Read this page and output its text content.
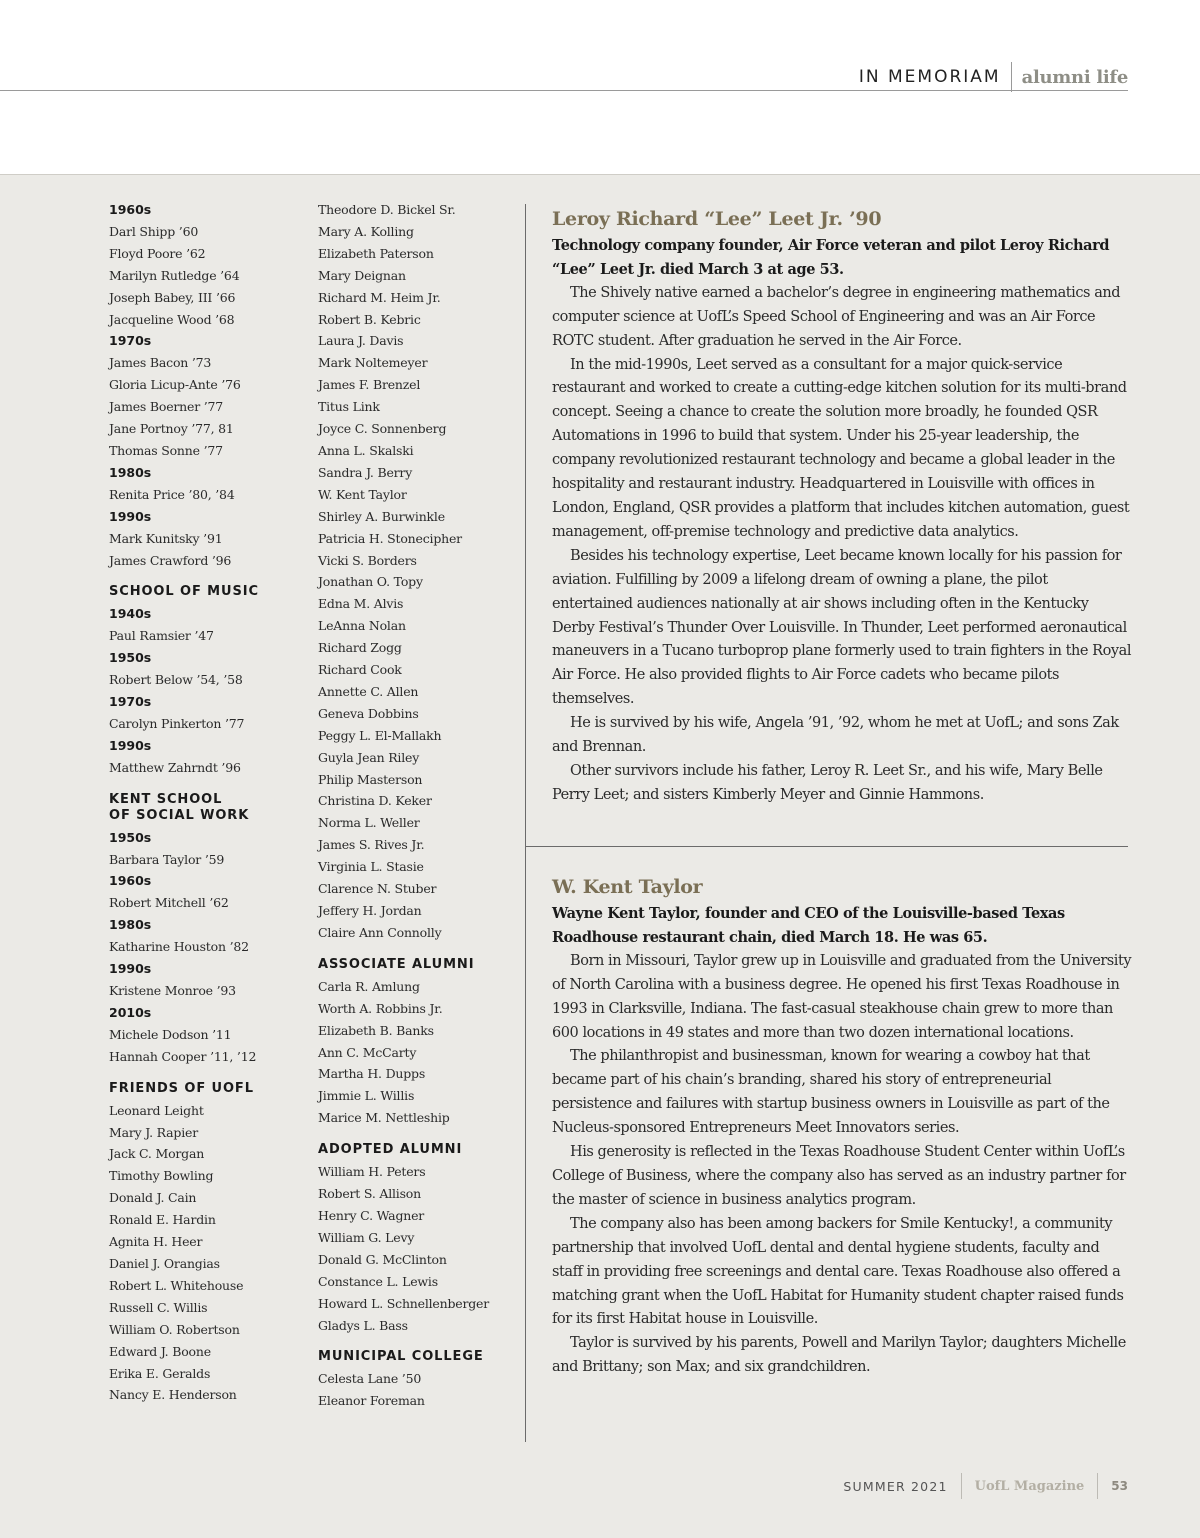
IN MEMORIAM alumni life
1960s
Darl Shipp ’60
Floyd Poore ’62
Marilyn Rutledge ’64
Joseph Babey, III ’66
Jacqueline Wood ’68
1970s
James Bacon ’73
Gloria Licup-Ante ’76
James Boerner ’77
Jane Portnoy ’77, 81
Thomas Sonne ’77
1980s
Renita Price ’80, ’84
1990s
Mark Kunitsky ’91
James Crawford ’96
SCHOOL OF MUSIC
1940s
Paul Ramsier ’47
1950s
Robert Below ’54, ’58
1970s
Carolyn Pinkerton ’77
1990s
Matthew Zahrndt ’96
KENT SCHOOL
OF SOCIAL WORK
1950s
Barbara Taylor ’59
1960s
Robert Mitchell ’62
1980s
Katharine Houston ’82
1990s
Kristene Monroe ’93
2010s
Michele Dodson ’11
Hannah Cooper ’11, ’12
FRIENDS OF UOFL
Leonard Leight
Mary J. Rapier
Jack C. Morgan
Timothy Bowling
Donald J. Cain
Ronald E. Hardin
Agnita H. Heer
Daniel J. Orangias
Robert L. Whitehouse
Russell C. Willis
William O. Robertson
Edward J. Boone
Erika E. Geralds
Nancy E. Henderson
Theodore D. Bickel Sr.
Mary A. Kolling
Elizabeth Paterson
Mary Deignan
Richard M. Heim Jr.
Robert B. Kebric
Laura J. Davis
Mark Noltemeyer
James F. Brenzel
Titus Link
Joyce C. Sonnenberg
Anna L. Skalski
Sandra J. Berry
W. Kent Taylor
Shirley A. Burwinkle
Patricia H. Stonecipher
Vicki S. Borders
Jonathan O. Topy
Edna M. Alvis
LeAnna Nolan
Richard Zogg
Richard Cook
Annette C. Allen
Geneva Dobbins
Peggy L. El-Mallakh
Guyla Jean Riley
Philip Masterson
Christina D. Keker
Norma L. Weller
James S. Rives Jr.
Virginia L. Stasie
Clarence N. Stuber
Jeffery H. Jordan
Claire Ann Connolly
ASSOCIATE ALUMNI
Carla R. Amlung
Worth A. Robbins Jr.
Elizabeth B. Banks
Ann C. McCarty
Martha H. Dupps
Jimmie L. Willis
Marice M. Nettleship
ADOPTED ALUMNI
William H. Peters
Robert S. Allison
Henry C. Wagner
William G. Levy
Donald G. McClinton
Constance L. Lewis
Howard L. Schnellenberger
Gladys L. Bass
MUNICIPAL COLLEGE
Celesta Lane ’50
Eleanor Foreman
Leroy Richard “Lee” Leet Jr. ’90
Technology company founder, Air Force veteran and pilot Leroy Richard “Lee” Leet Jr. died March 3 at age 53.

The Shively native earned a bachelor’s degree in engineering mathematics and computer science at UofL’s Speed School of Engineering and was an Air Force ROTC student. After graduation he served in the Air Force.

In the mid-1990s, Leet served as a consultant for a major quick-service restaurant and worked to create a cutting-edge kitchen solution for its multi-brand concept. Seeing a chance to create the solution more broadly, he founded QSR Automations in 1996 to build that system. Under his 25-year leadership, the company revolutionized restaurant technology and became a global leader in the hospitality and restaurant industry. Headquartered in Louisville with offices in London, England, QSR provides a platform that includes kitchen automation, guest management, off-premise technology and predictive data analytics.

Besides his technology expertise, Leet became known locally for his passion for aviation. Fulfilling by 2009 a lifelong dream of owning a plane, the pilot entertained audiences nationally at air shows including often in the Kentucky Derby Festival’s Thunder Over Louisville. In Thunder, Leet performed aeronautical maneuvers in a Tucano turboprop plane formerly used to train fighters in the Royal Air Force. He also provided flights to Air Force cadets who became pilots themselves.

He is survived by his wife, Angela ’91, ’92, whom he met at UofL; and sons Zak and Brennan.

Other survivors include his father, Leroy R. Leet Sr., and his wife, Mary Belle Perry Leet; and sisters Kimberly Meyer and Ginnie Hammons.

W. Kent Taylor
Wayne Kent Taylor, founder and CEO of the Louisville-based Texas Roadhouse restaurant chain, died March 18. He was 65.

Born in Missouri, Taylor grew up in Louisville and graduated from the University of North Carolina with a business degree. He opened his first Texas Roadhouse in 1993 in Clarksville, Indiana. The fast-casual steakhouse chain grew to more than 600 locations in 49 states and more than two dozen international locations.

The philanthropist and businessman, known for wearing a cowboy hat that became part of his chain’s branding, shared his story of entrepreneurial persistence and failures with startup business owners in Louisville as part of the Nucleus-sponsored Entrepreneurs Meet Innovators series.

His generosity is reflected in the Texas Roadhouse Student Center within UofL’s College of Business, where the company also has served as an industry partner for the master of science in business analytics program.

The company also has been among backers for Smile Kentucky!, a community partnership that involved UofL dental and dental hygiene students, faculty and staff in providing free screenings and dental care. Texas Roadhouse also offered a matching grant when the UofL Habitat for Humanity student chapter raised funds for its first Habitat house in Louisville.

Taylor is survived by his parents, Powell and Marilyn Taylor; daughters Michelle and Brittany; son Max; and six grandchildren.

SUMMER 2021 UofL Magazine 53
